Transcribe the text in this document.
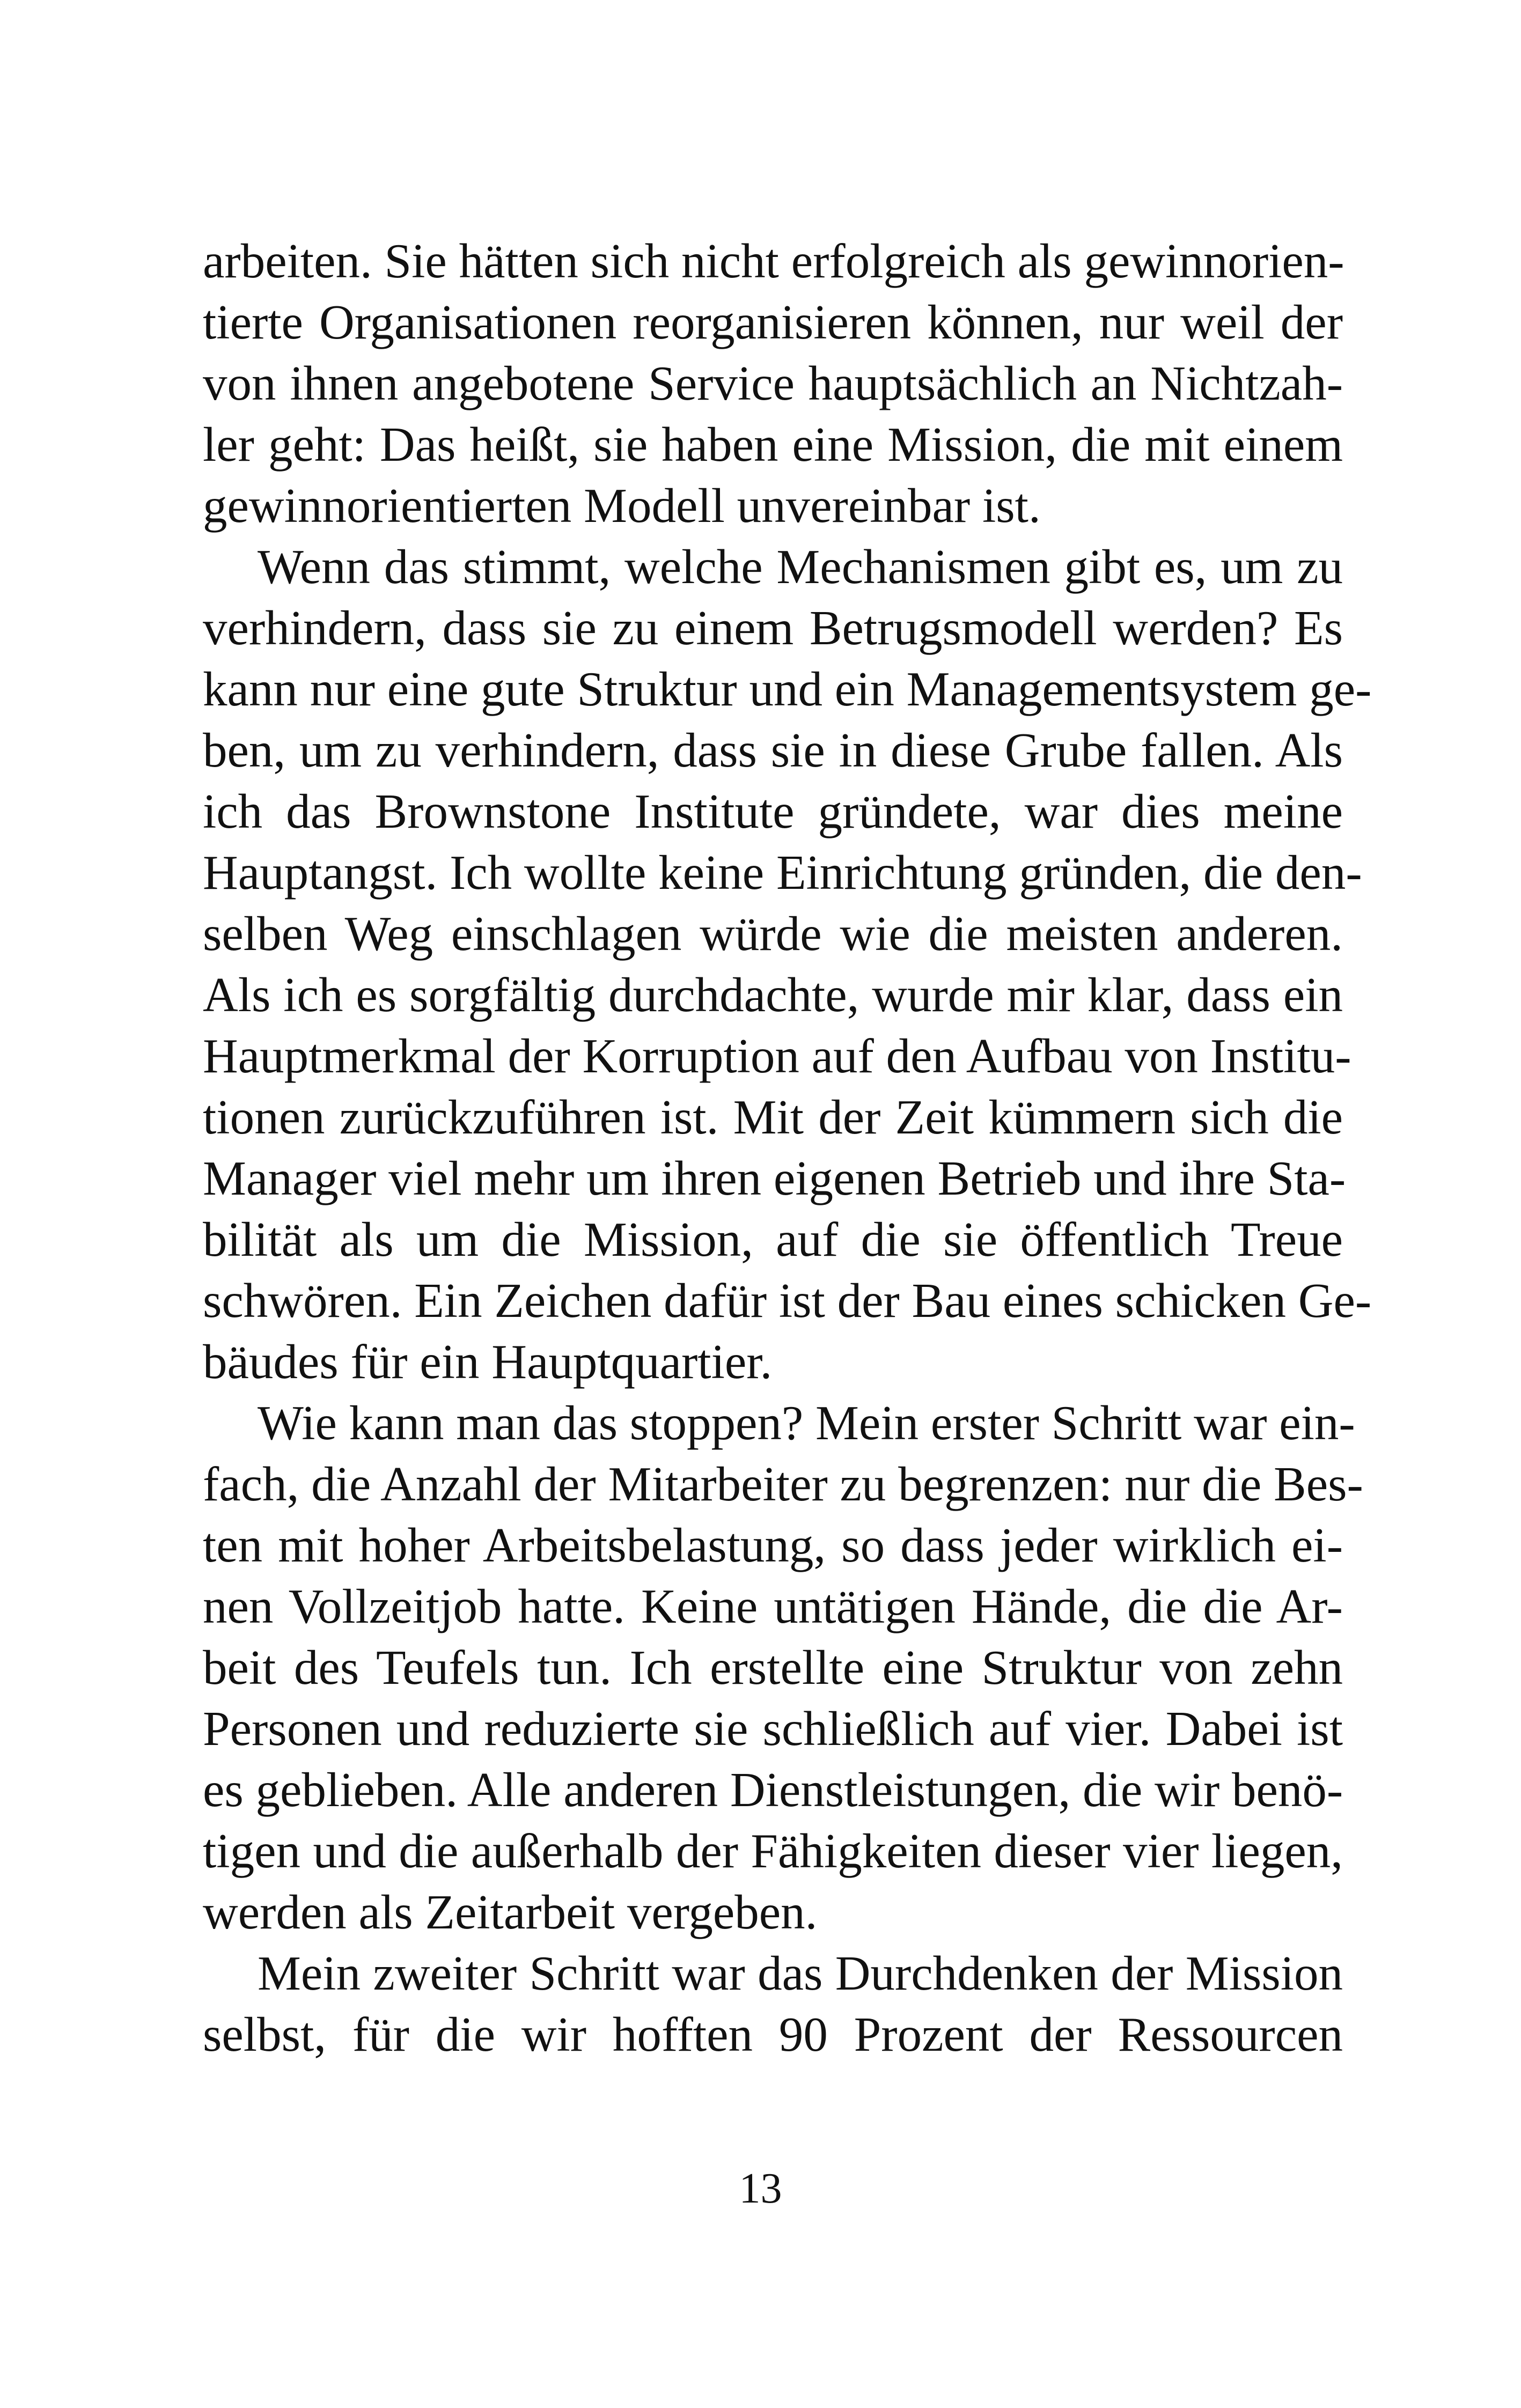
arbeiten. Sie hätten sich nicht erfolgreich als gewinnorien-
tierte Organisationen reorganisieren können, nur weil der
von ihnen angebotene Service hauptsächlich an Nichtzah-
ler geht: Das heißt, sie haben eine Mission, die mit einem
gewinnorientierten Modell unvereinbar ist.
Wenn das stimmt, welche Mechanismen gibt es, um zu
verhindern, dass sie zu einem Betrugsmodell werden? Es
kann nur eine gute Struktur und ein Managementsystem ge-
ben, um zu verhindern, dass sie in diese Grube fallen. Als
ich das Brownstone Institute gründete, war dies meine
Hauptangst. Ich wollte keine Einrichtung gründen, die den-
selben Weg einschlagen würde wie die meisten anderen.
Als ich es sorgfältig durchdachte, wurde mir klar, dass ein
Hauptmerkmal der Korruption auf den Aufbau von Institu-
tionen zurückzuführen ist. Mit der Zeit kümmern sich die
Manager viel mehr um ihren eigenen Betrieb und ihre Sta-
bilität als um die Mission, auf die sie öffentlich Treue
schwören. Ein Zeichen dafür ist der Bau eines schicken Ge-
bäudes für ein Hauptquartier.
Wie kann man das stoppen? Mein erster Schritt war ein-
fach, die Anzahl der Mitarbeiter zu begrenzen: nur die Bes-
ten mit hoher Arbeitsbelastung, so dass jeder wirklich ei-
nen Vollzeitjob hatte. Keine untätigen Hände, die die Ar-
beit des Teufels tun. Ich erstellte eine Struktur von zehn
Personen und reduzierte sie schließlich auf vier. Dabei ist
es geblieben. Alle anderen Dienstleistungen, die wir benö-
tigen und die außerhalb der Fähigkeiten dieser vier liegen,
werden als Zeitarbeit vergeben.
Mein zweiter Schritt war das Durchdenken der Mission
selbst, für die wir hofften 90 Prozent der Ressourcen
13
